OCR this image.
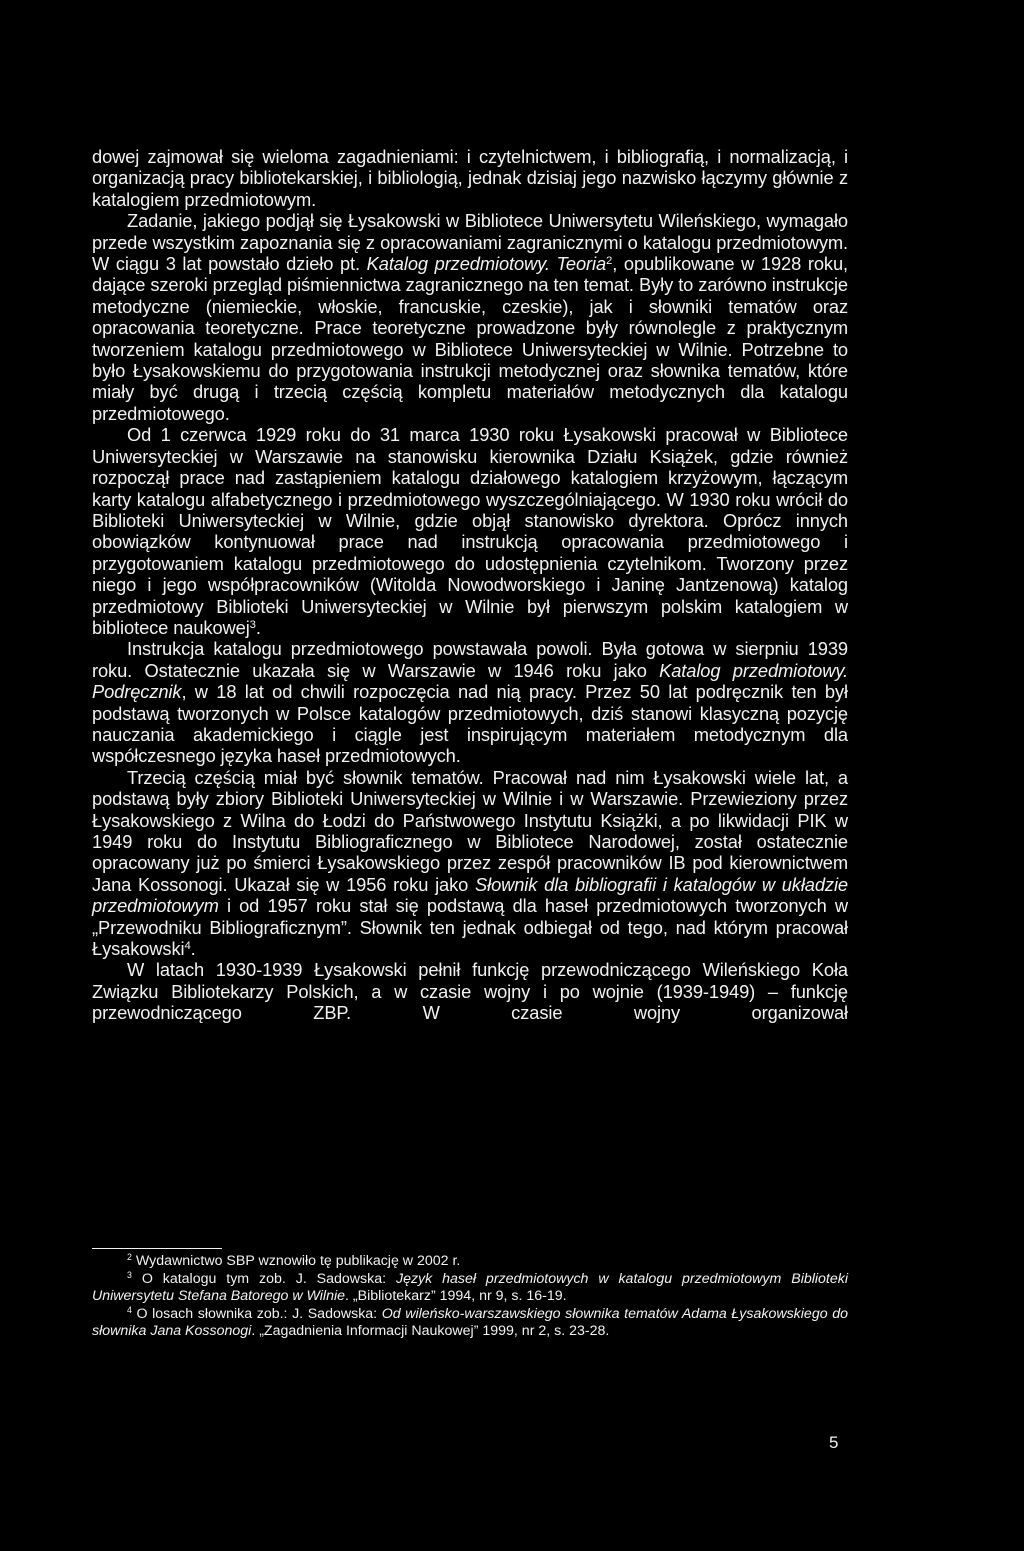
dowej zajmował się wieloma zagadnieniami: i czytelnictwem, i bibliografią, i normalizacją, i organizacją pracy bibliotekarskiej, i bibliologią, jednak dzisiaj jego nazwisko łączymy głównie z katalogiem przedmiotowym.

Zadanie, jakiego podjął się Łysakowski w Bibliotece Uniwersytetu Wileńskiego, wymagało przede wszystkim zapoznania się z opracowaniami zagranicznymi o katalogu przedmiotowym. W ciągu 3 lat powstało dzieło pt. Katalog przedmiotowy. Teoria$^2$, opublikowane w 1928 roku, dające szeroki przegląd piśmiennictwa zagranicznego na ten temat. Były to zarówno instrukcje metodyczne (niemieckie, włoskie, francuskie, czeskie), jak i słowniki tematów oraz opracowania teoretyczne. Prace teoretyczne prowadzone były równolegle z praktycznym tworzeniem katalogu przedmiotowego w Bibliotece Uniwersyteckiej w Wilnie. Potrzebne to było Łysakowskiemu do przygotowania instrukcji metodycznej oraz słownika tematów, które miały być drugą i trzecią częścią kompletu materiałów metodycznych dla katalogu przedmiotowego.

Od 1 czerwca 1929 roku do 31 marca 1930 roku Łysakowski pracował w Bibliotece Uniwersyteckiej w Warszawie na stanowisku kierownika Działu Książek, gdzie również rozpoczął prace nad zastąpieniem katalogu działowego katalogiem krzyżowym, łączącym karty katalogu alfabetycznego i przedmiotowego wyszczególniającego. W 1930 roku wrócił do Biblioteki Uniwersyteckiej w Wilnie, gdzie objął stanowisko dyrektora. Oprócz innych obowiązków kontynuował prace nad instrukcją opracowania przedmiotowego i przygotowaniem katalogu przedmiotowego do udostępnienia czytelnikom. Tworzony przez niego i jego współpracowników (Witolda Nowodworskiego i Janinę Jantzenową) katalog przedmiotowy Biblioteki Uniwersyteckiej w Wilnie był pierwszym polskim katalogiem w bibliotece naukowej$^3$.

Instrukcja katalogu przedmiotowego powstawała powoli. Była gotowa w sierpniu 1939 roku. Ostatecznie ukazała się w Warszawie w 1946 roku jako Katalog przedmiotowy. Podręcznik, w 18 lat od chwili rozpoczęcia nad nią pracy. Przez 50 lat podręcznik ten był podstawą tworzonych w Polsce katalogów przedmiotowych, dziś stanowi klasyczną pozycję nauczania akademickiego i ciągle jest inspirującym materiałem metodycznym dla współczesnego języka haseł przedmiotowych.

Trzecią częścią miał być słownik tematów. Pracował nad nim Łysakowski wiele lat, a podstawą były zbiory Biblioteki Uniwersyteckiej w Wilnie i w Warszawie. Przewieziony przez Łysakowskiego z Wilna do Łodzi do Państwowego Instytutu Książki, a po likwidacji PIK w 1949 roku do Instytutu Bibliograficznego w Bibliotece Narodowej, został ostatecznie opracowany już po śmierci Łysakowskiego przez zespół pracowników IB pod kierownictwem Jana Kossonogi. Ukazał się w 1956 roku jako Słownik dla bibliografii i katalogów w układzie przedmiotowym i od 1957 roku stał się podstawą dla haseł przedmiotowych tworzonych w „Przewodniku Bibliograficznym”. Słownik ten jednak odbiegał od tego, nad którym pracował Łysakowski$^4$.

W latach 1930-1939 Łysakowski pełnił funkcję przewodniczącego Wileńskiego Koła Związku Bibliotekarzy Polskich, a w czasie wojny i po wojnie (1939-1949) – funkcję przewodniczącego ZBP. W czasie wojny organizował

$^2$ Wydawnictwo SBP wznowiło tę publikację w 2002 r.

$^3$ O katalogu tym zob. J. Sadowska: Język haseł przedmiotowych w katalogu przedmiotowym Biblioteki Uniwersytetu Stefana Batorego w Wilnie. „Bibliotekarz” 1994, nr 9, s. 16-19.

$^4$ O losach słownika zob.: J. Sadowska: Od wileńsko-warszawskiego słownika tematów Adama Łysakowskiego do słownika Jana Kossonogi. „Zagadnienia Informacji Naukowej” 1999, nr 2, s. 23-28.

5
